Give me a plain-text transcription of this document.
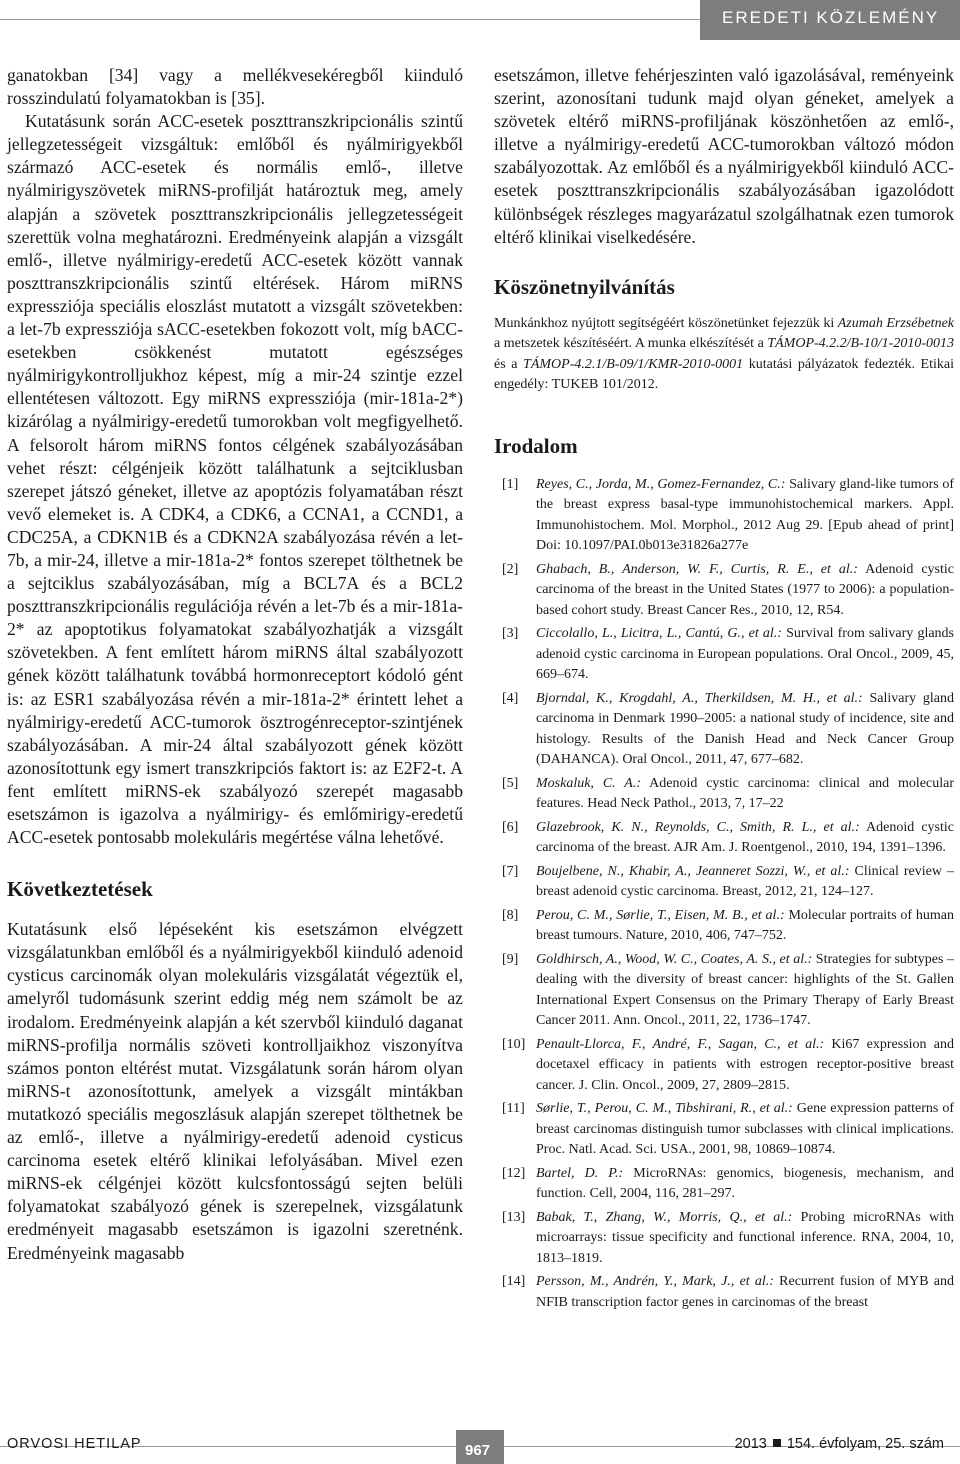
EREDETI KÖZLEMÉNY

ganatokban [34] vagy a mellékvesekéregből kiinduló rosszindulatú folyamatokban is [35].

Kutatásunk során ACC-esetek poszttranszkripcionális szintű jellegzetességeit vizsgáltuk: emlőből és nyálmirigyekből származó ACC-esetek és normális emlő-, illetve nyálmirigyszövetek miRNS-profilját határoztuk meg, amely alapján a szövetek poszttranszkripcionális jellegzetességeit szerettük volna meghatározni. Eredményeink alapján a vizsgált emlő-, illetve nyálmirigy-eredetű ACC-esetek között vannak poszttranszkripcionális szintű eltérések. Három miRNS expressziója speciális eloszlást mutatott a vizsgált szövetekben: a let-7b expressziója sACC-esetekben fokozott volt, míg bACC-esetekben csökkenést mutatott egészséges nyálmirigykontrolljukhoz képest, míg a mir-24 szintje ezzel ellentétesen változott. Egy miRNS expressziója (mir-181a-2*) kizárólag a nyálmirigy-eredetű tumorokban volt megfigyelhető. A felsorolt három miRNS fontos célgének szabályozásában vehet részt: célgénjeik között találhatunk a sejtciklusban szerepet játszó géneket, illetve az apoptózis folyamatában részt vevő elemeket is. A CDK4, a CDK6, a CCNA1, a CCND1, a CDC25A, a CDKN1B és a CDKN2A szabályozása révén a let-7b, a mir-24, illetve a mir-181a-2* fontos szerepet tölthetnek be a sejtciklus szabályozásában, míg a BCL7A és a BCL2 poszttranszkripcionális regulációja révén a let-7b és a mir-181a-2* az apoptotikus folyamatokat szabályozhatják a vizsgált szövetekben. A fent említett három miRNS által szabályozott gének között találhatunk továbbá hormonreceptort kódoló gént is: az ESR1 szabályozása révén a mir-181a-2* érintett lehet a nyálmirigy-eredetű ACC-tumorok ösztrogénreceptor-szintjének szabályozásában. A mir-24 által szabályozott gének között azonosítottunk egy ismert transzkripciós faktort is: az E2F2-t. A fent említett miRNS-ek szabályozó szerepét magasabb esetszámon is igazolva a nyálmirigy- és emlőmirigy-eredetű ACC-esetek pontosabb molekuláris megértése válna lehetővé.

Következtetések

Kutatásunk első lépéseként kis esetszámon elvégzett vizsgálatunkban emlőből és a nyálmirigyekből kiinduló adenoid cysticus carcinomák olyan molekuláris vizsgálatát végeztük el, amelyről tudomásunk szerint eddig még nem számolt be az irodalom. Eredményeink alapján a két szervből kiinduló daganat miRNS-profilja normális szöveti kontrolljaikhoz viszonyítva számos ponton eltérést mutat. Vizsgálatunk során három olyan miRNS-t azonosítottunk, amelyek a vizsgált mintákban mutatkozó speciális megoszlásuk alapján szerepet tölthetnek be az emlő-, illetve a nyálmirigy-eredetű adenoid cysticus carcinoma esetek eltérő klinikai lefolyásában. Mivel ezen miRNS-ek célgénjei között kulcsfontosságú sejten belüli folyamatokat szabályozó gének is szerepelnek, vizsgálatunk eredményeit magasabb esetszámon is igazolni szeretnénk. Eredményeink magasabb

esetszámon, illetve fehérjeszinten való igazolásával, reményeink szerint, azonosítani tudunk majd olyan géneket, amelyek a szövetek eltérő miRNS-profiljának köszönhetően az emlő-, illetve a nyálmirigy-eredetű ACC-tumorokban változó módon szabályozottak. Az emlőből és a nyálmirigyekből kiinduló ACC-esetek poszttranszkripcionális szabályozásában igazolódott különbségek részleges magyarázatul szolgálhatnak ezen tumorok eltérő klinikai viselkedésére.

Köszönetnyilvánítás

Munkánkhoz nyújtott segítségéért köszönetünket fejezzük ki Azumah Erzsébetnek a metszetek készítéséért. A munka elkészítését a TÁMOP-4.2.2/B-10/1-2010-0013 és a TÁMOP-4.2.1/B-09/1/KMR-2010-0001 kutatási pályázatok fedezték. Etikai engedély: TUKEB 101/2012.

Irodalom
[1] Reyes, C., Jorda, M., Gomez-Fernandez, C.: Salivary gland-like tumors of the breast express basal-type immunohistochemical markers. Appl. Immunohistochem. Mol. Morphol., 2012 Aug 29. [Epub ahead of print] Doi: 10.1097/PAI.0b013e31826a277e
[2] Ghabach, B., Anderson, W. F., Curtis, R. E., et al.: Adenoid cystic carcinoma of the breast in the United States (1977 to 2006): a population-based cohort study. Breast Cancer Res., 2010, 12, R54.
[3] Ciccolallo, L., Licitra, L., Cantú, G., et al.: Survival from salivary glands adenoid cystic carcinoma in European populations. Oral Oncol., 2009, 45, 669–674.
[4] Bjorndal, K., Krogdahl, A., Therkildsen, M. H., et al.: Salivary gland carcinoma in Denmark 1990–2005: a national study of incidence, site and histology. Results of the Danish Head and Neck Cancer Group (DAHANCA). Oral Oncol., 2011, 47, 677–682.
[5] Moskaluk, C. A.: Adenoid cystic carcinoma: clinical and molecular features. Head Neck Pathol., 2013, 7, 17–22
[6] Glazebrook, K. N., Reynolds, C., Smith, R. L., et al.: Adenoid cystic carcinoma of the breast. AJR Am. J. Roentgenol., 2010, 194, 1391–1396.
[7] Boujelbene, N., Khabir, A., Jeanneret Sozzi, W., et al.: Clinical review – breast adenoid cystic carcinoma. Breast, 2012, 21, 124–127.
[8] Perou, C. M., Sørlie, T., Eisen, M. B., et al.: Molecular portraits of human breast tumours. Nature, 2010, 406, 747–752.
[9] Goldhirsch, A., Wood, W. C., Coates, A. S., et al.: Strategies for subtypes – dealing with the diversity of breast cancer: highlights of the St. Gallen International Expert Consensus on the Primary Therapy of Early Breast Cancer 2011. Ann. Oncol., 2011, 22, 1736–1747.
[10] Penault-Llorca, F., André, F., Sagan, C., et al.: Ki67 expression and docetaxel efficacy in patients with estrogen receptor-positive breast cancer. J. Clin. Oncol., 2009, 27, 2809–2815.
[11] Sørlie, T., Perou, C. M., Tibshirani, R., et al.: Gene expression patterns of breast carcinomas distinguish tumor subclasses with clinical implications. Proc. Natl. Acad. Sci. USA., 2001, 98, 10869–10874.
[12] Bartel, D. P.: MicroRNAs: genomics, biogenesis, mechanism, and function. Cell, 2004, 116, 281–297.
[13] Babak, T., Zhang, W., Morris, Q., et al.: Probing microRNAs with microarrays: tissue specificity and functional inference. RNA, 2004, 10, 1813–1819.
[14] Persson, M., Andrén, Y., Mark, J., et al.: Recurrent fusion of MYB and NFIB transcription factor genes in carcinomas of the breast
ORVOSI HETILAP	967	2013 154. évfolyam, 25. szám
